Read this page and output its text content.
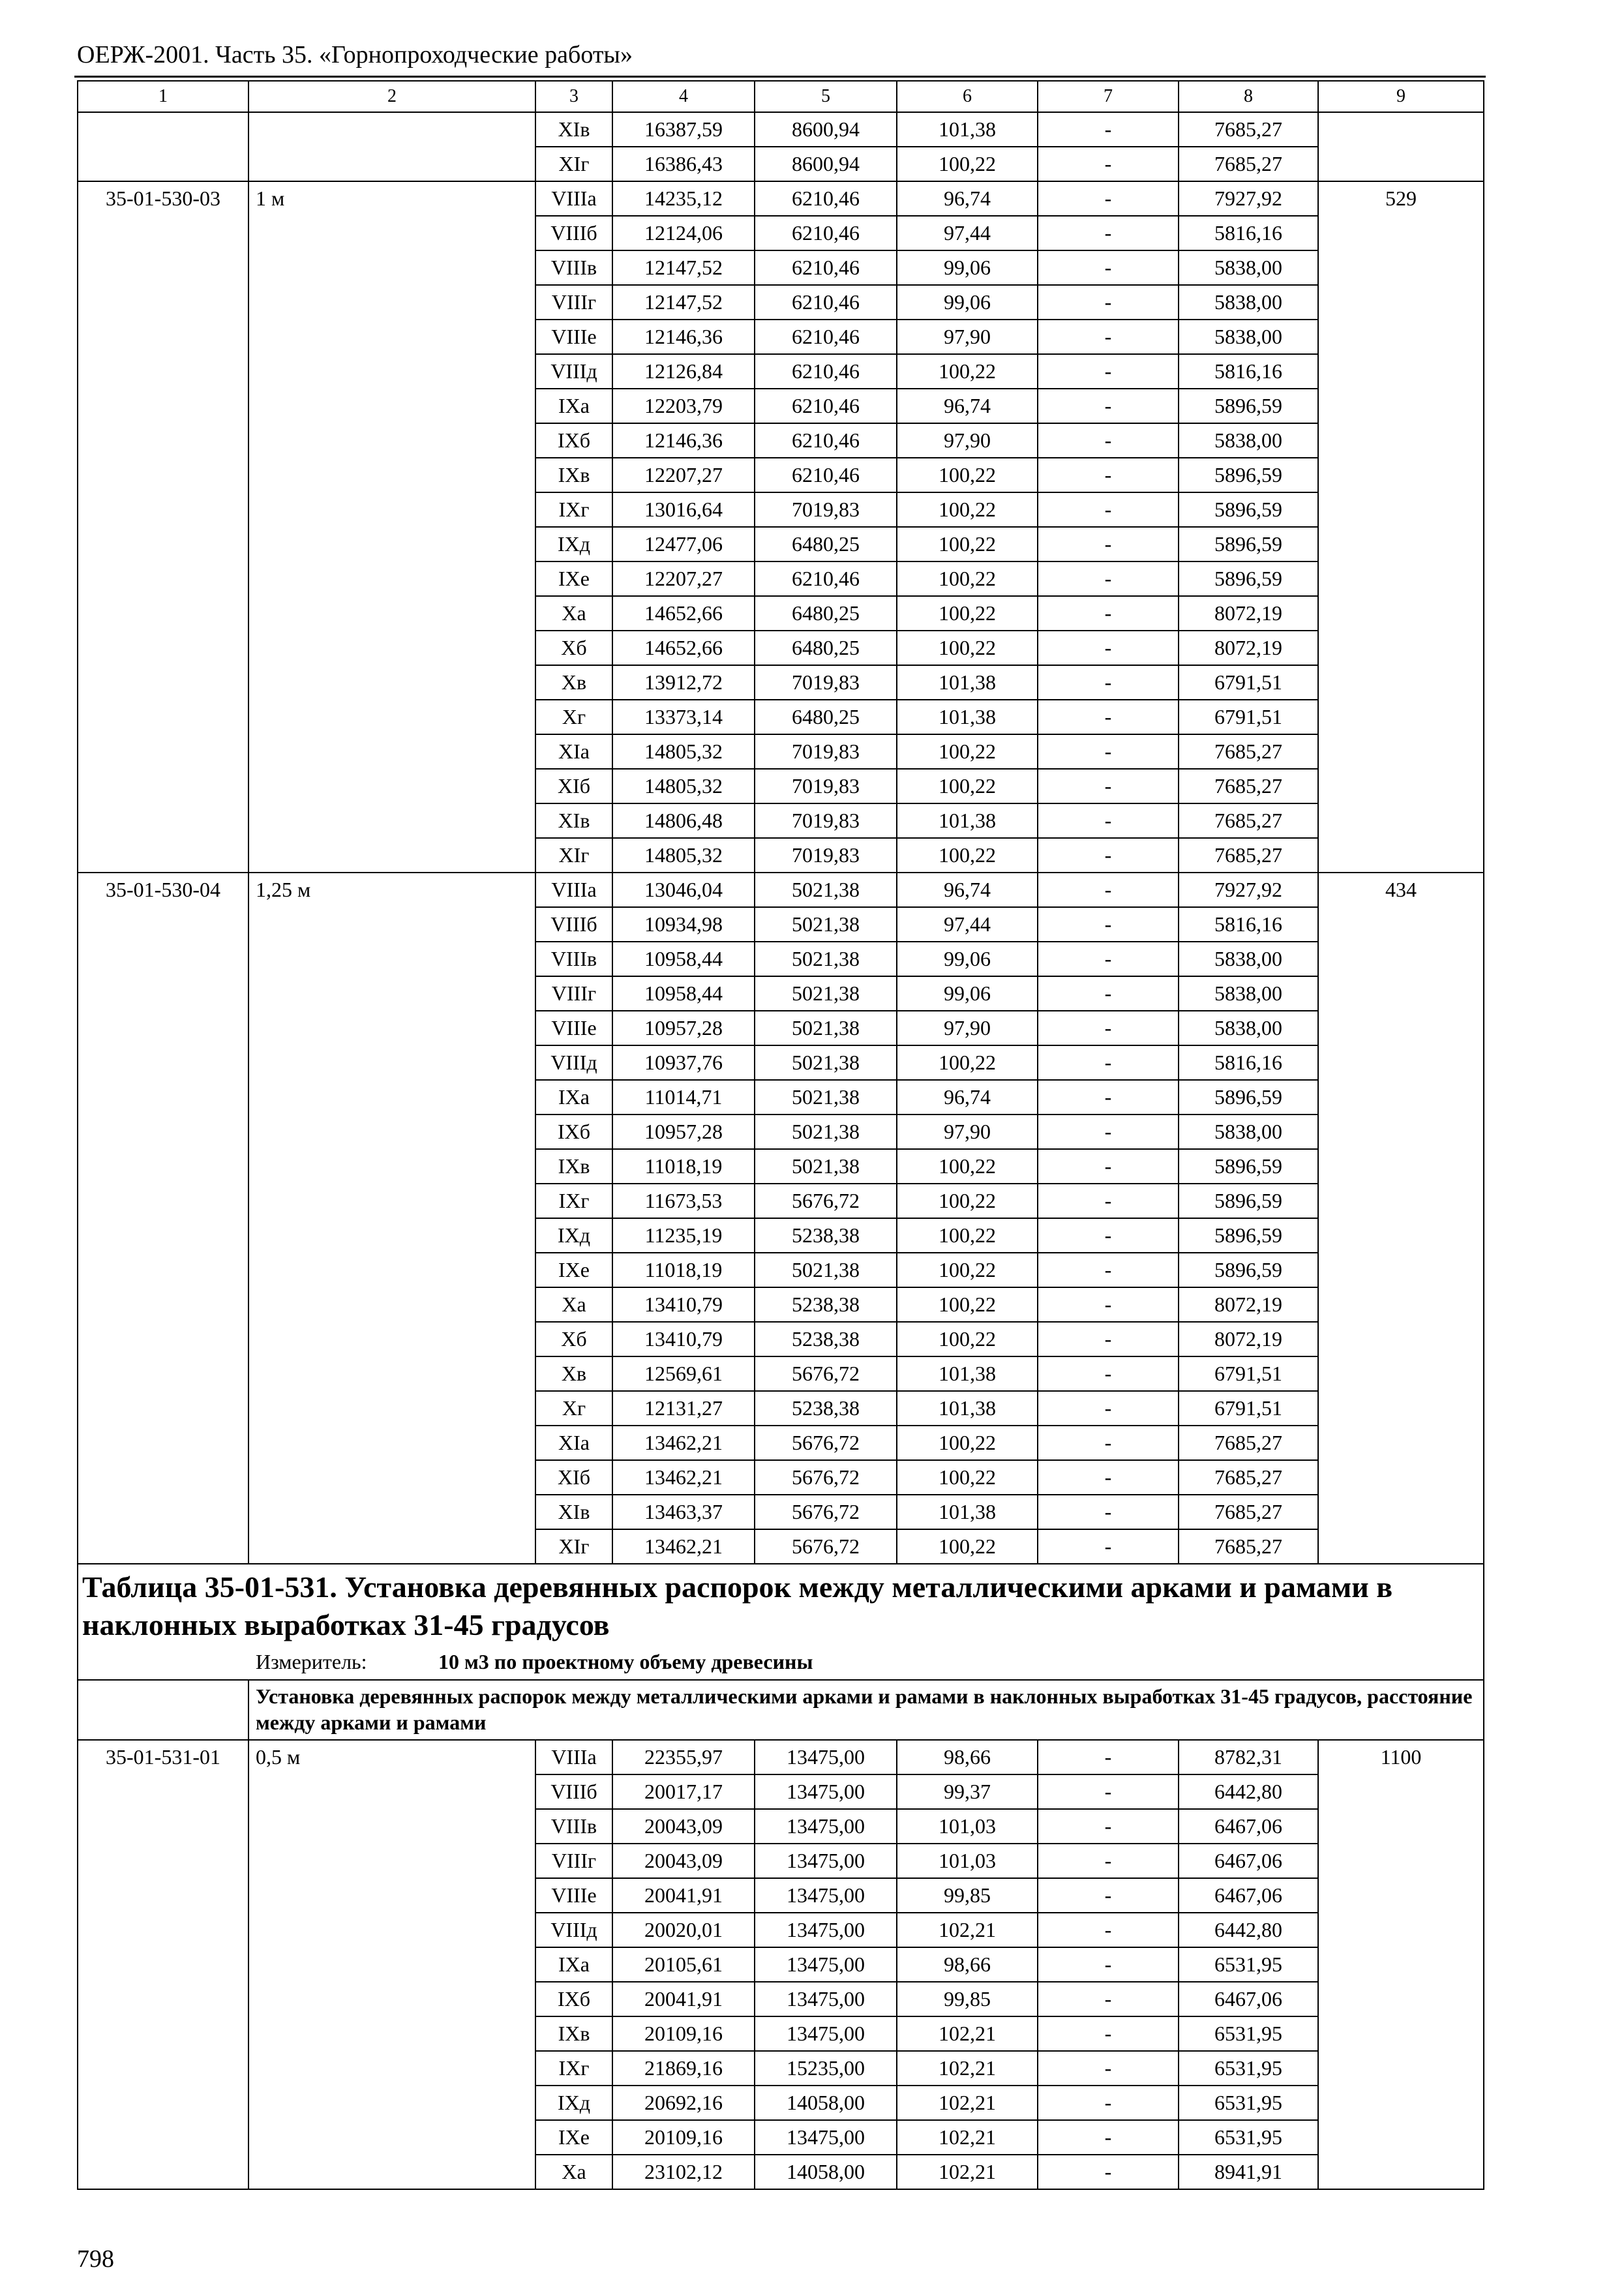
ОЕРЖ-2001. Часть 35. «Горнопроходческие работы»
1	2	3	4	5	6	7	8	9
		XIв	16387,59	8600,94	101,38	-	7685,27	
		XIг	16386,43	8600,94	100,22	-	7685,27	
35-01-530-03	1 м	VIIIа	14235,12	6210,46	96,74	-	7927,92	529
		VIIIб	12124,06	6210,46	97,44	-	5816,16	
		VIIIв	12147,52	6210,46	99,06	-	5838,00	
		VIIIг	12147,52	6210,46	99,06	-	5838,00	
		VIIIе	12146,36	6210,46	97,90	-	5838,00	
		VIIIд	12126,84	6210,46	100,22	-	5816,16	
		IXа	12203,79	6210,46	96,74	-	5896,59	
		IXб	12146,36	6210,46	97,90	-	5838,00	
		IXв	12207,27	6210,46	100,22	-	5896,59	
		IXг	13016,64	7019,83	100,22	-	5896,59	
		IXд	12477,06	6480,25	100,22	-	5896,59	
		IXе	12207,27	6210,46	100,22	-	5896,59	
		Xа	14652,66	6480,25	100,22	-	8072,19	
		Xб	14652,66	6480,25	100,22	-	8072,19	
		Xв	13912,72	7019,83	101,38	-	6791,51	
		Xг	13373,14	6480,25	101,38	-	6791,51	
		XIа	14805,32	7019,83	100,22	-	7685,27	
		XIб	14805,32	7019,83	100,22	-	7685,27	
		XIв	14806,48	7019,83	101,38	-	7685,27	
		XIг	14805,32	7019,83	100,22	-	7685,27	
35-01-530-04	1,25 м	VIIIа	13046,04	5021,38	96,74	-	7927,92	434
		VIIIб	10934,98	5021,38	97,44	-	5816,16	
		VIIIв	10958,44	5021,38	99,06	-	5838,00	
		VIIIг	10958,44	5021,38	99,06	-	5838,00	
		VIIIе	10957,28	5021,38	97,90	-	5838,00	
		VIIIд	10937,76	5021,38	100,22	-	5816,16	
		IXа	11014,71	5021,38	96,74	-	5896,59	
		IXб	10957,28	5021,38	97,90	-	5838,00	
		IXв	11018,19	5021,38	100,22	-	5896,59	
		IXг	11673,53	5676,72	100,22	-	5896,59	
		IXд	11235,19	5238,38	100,22	-	5896,59	
		IXе	11018,19	5021,38	100,22	-	5896,59	
		Xа	13410,79	5238,38	100,22	-	8072,19	
		Xб	13410,79	5238,38	100,22	-	8072,19	
		Xв	12569,61	5676,72	101,38	-	6791,51	
		Xг	12131,27	5238,38	101,38	-	6791,51	
		XIа	13462,21	5676,72	100,22	-	7685,27	
		XIб	13462,21	5676,72	100,22	-	7685,27	
		XIв	13463,37	5676,72	101,38	-	7685,27	
		XIг	13462,21	5676,72	100,22	-	7685,27	

Таблица 35-01-531. Установка деревянных распорок между металлическими арками и рамами в наклонных выработках 31-45 градусов
Измеритель: 10 м3 по проектному объему древесины								

	Установка деревянных распорок между металлическими арками и рамами в наклонных выработках 31-45 градусов, расстояние между арками и рамами							
35-01-531-01	0,5 м	VIIIа	22355,97	13475,00	98,66	-	8782,31	1100
		VIIIб	20017,17	13475,00	99,37	-	6442,80	
		VIIIв	20043,09	13475,00	101,03	-	6467,06	
		VIIIг	20043,09	13475,00	101,03	-	6467,06	
		VIIIе	20041,91	13475,00	99,85	-	6467,06	
		VIIIд	20020,01	13475,00	102,21	-	6442,80	
		IXа	20105,61	13475,00	98,66	-	6531,95	
		IXб	20041,91	13475,00	99,85	-	6467,06	
		IXв	20109,16	13475,00	102,21	-	6531,95	
		IXг	21869,16	15235,00	102,21	-	6531,95	
		IXд	20692,16	14058,00	102,21	-	6531,95	
		IXе	20109,16	13475,00	102,21	-	6531,95	
		Xа	23102,12	14058,00	102,21	-	8941,91	
798
